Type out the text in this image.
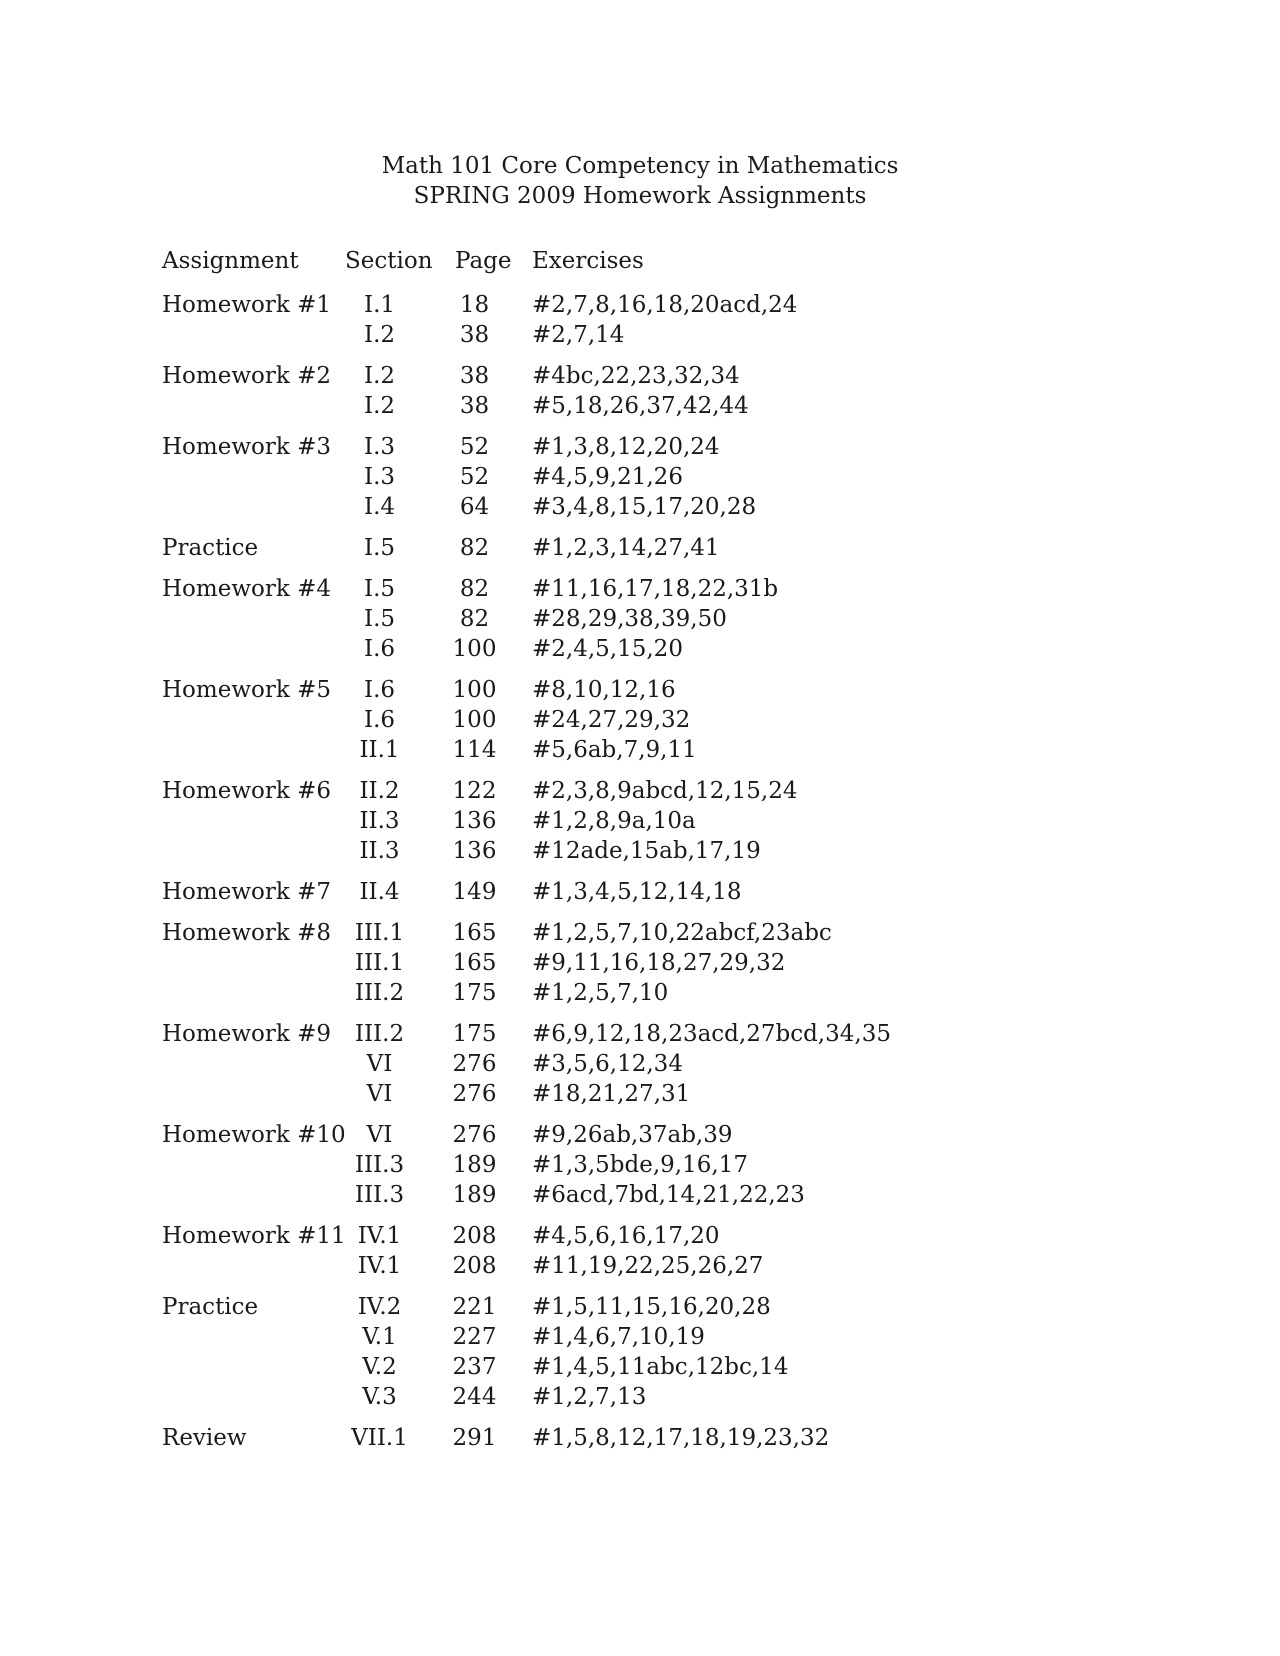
Math 101 Core Competency in Mathematics
SPRING 2009 Homework Assignments
Assignment Section Page Exercises
Homework #1	I.1	18	#2,7,8,16,18,20acd,24
I.2	38	#2,7,14
Homework #2	I.2	38	#4bc,22,23,32,34
I.2	38	#5,18,26,37,42,44
Homework #3	I.3	52	#1,3,8,12,20,24
I.3	52	#4,5,9,21,26
I.4	64	#3,4,8,15,17,20,28
Practice	I.5	82	#1,2,3,14,27,41
Homework #4	I.5	82	#11,16,17,18,22,31b
I.5	82	#28,29,38,39,50
I.6	100 #2,4,5,15,20
Homework #5	I.6	100 #8,10,12,16
I.6	100 #24,27,29,32
II.1	114 #5,6ab,7,9,11
Homework #6	II.2	122 #2,3,8,9abcd,12,15,24
II.3	136 #1,2,8,9a,10a
II.3	136 #12ade,15ab,17,19
Homework #7	II.4	149 #1,3,4,5,12,14,18
Homework #8	III.1	165 #1,2,5,7,10,22abcf,23abc
III.1	165 #9,11,16,18,27,29,32
III.2	175 #1,2,5,7,10
Homework #9	III.2	175 #6,9,12,18,23acd,27bcd,34,35
VI	276 #3,5,6,12,34
VI	276 #18,21,27,31
Homework #10 VI	276 #9,26ab,37ab,39
III.3	189 #1,3,5bde,9,16,17
III.3	189 #6acd,7bd,14,21,22,23
Homework #11 IV.1	208 #4,5,6,16,17,20
IV.1	208 #11,19,22,25,26,27
Practice	IV.2	221 #1,5,11,15,16,20,28
V.1	227 #1,4,6,7,10,19
V.2	237 #1,4,5,11abc,12bc,14
V.3	244 #1,2,7,13
Review	VII.1	291 #1,5,8,12,17,18,19,23,32
